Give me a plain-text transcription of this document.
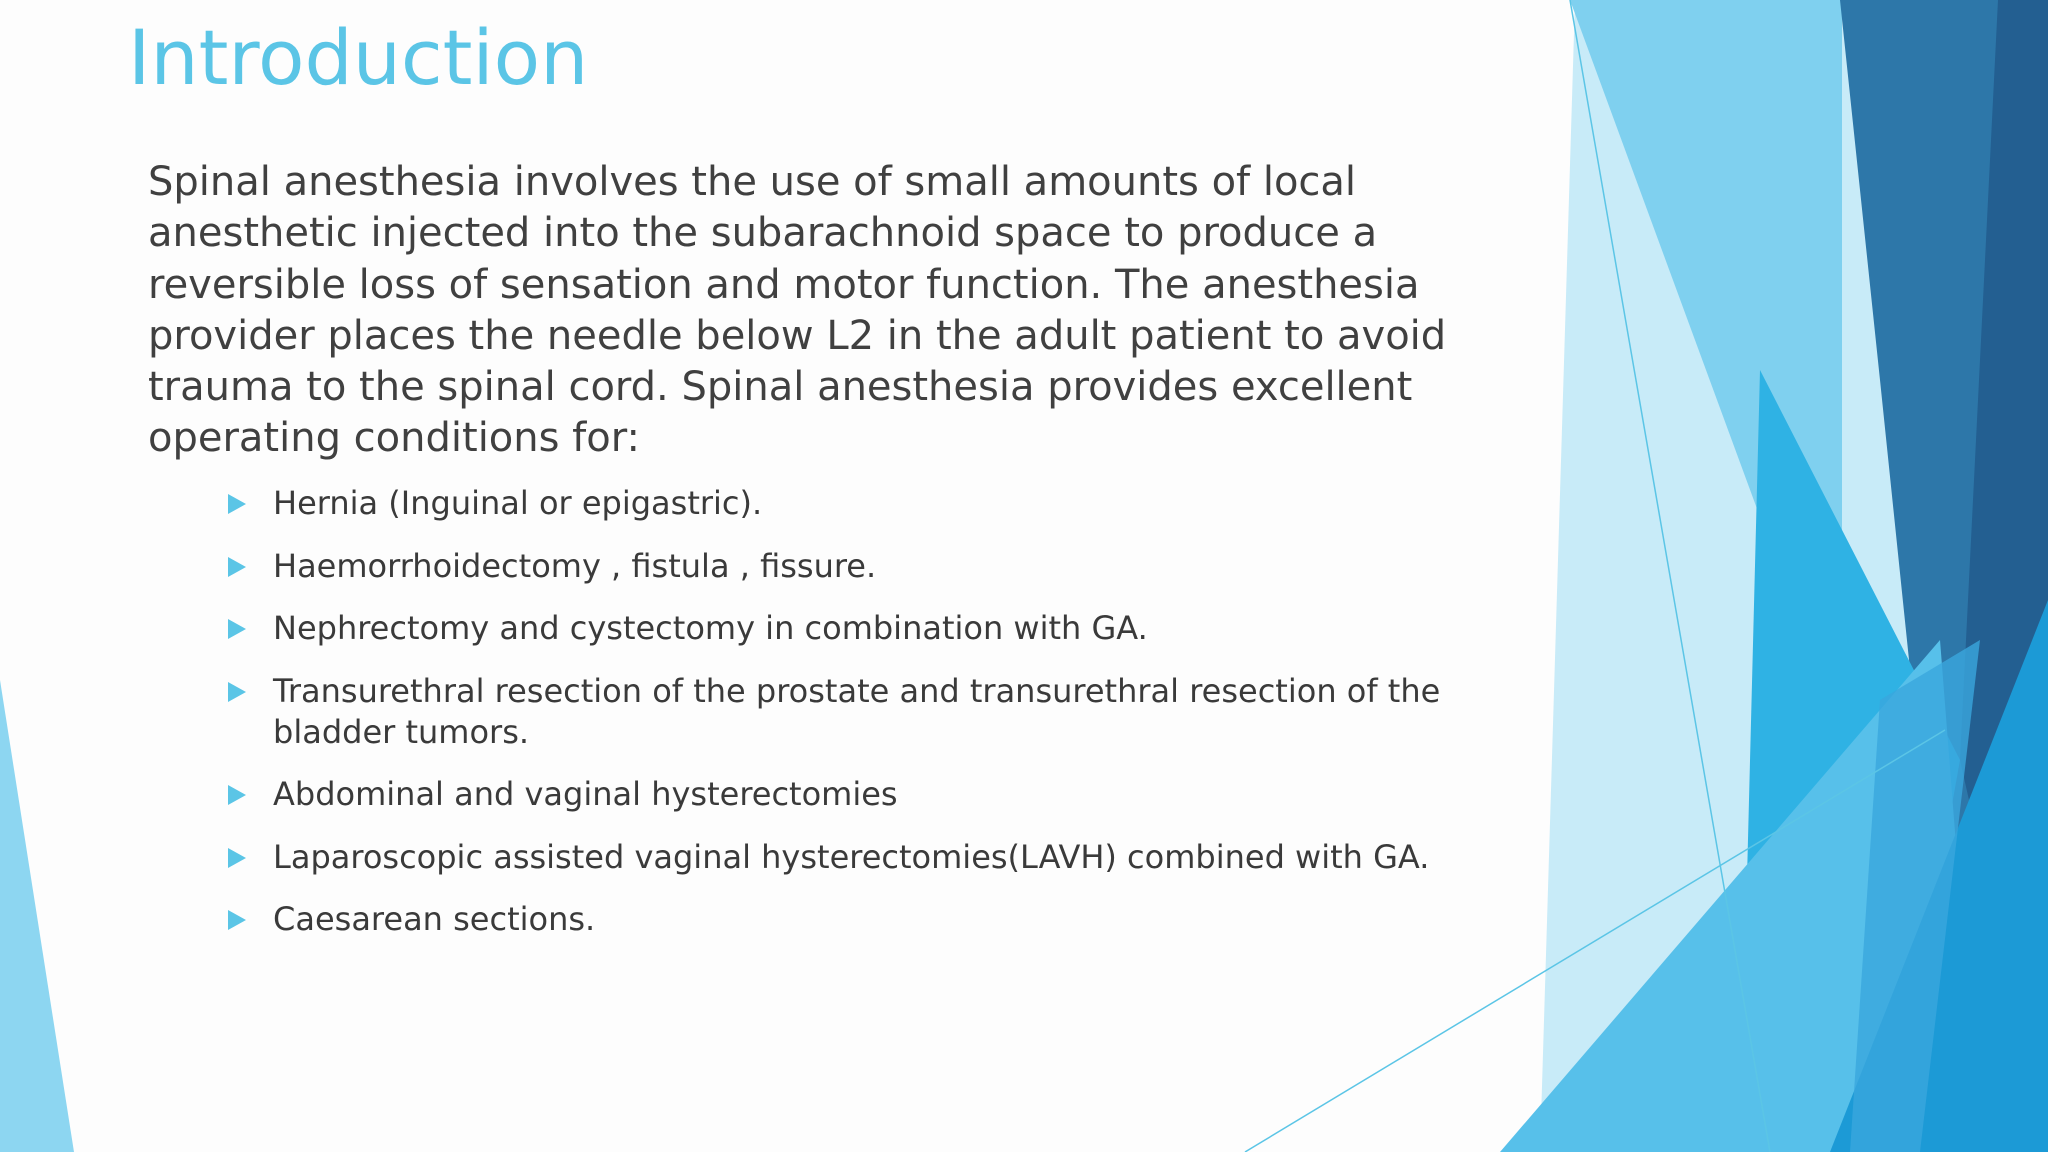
Introduction

Spinal anesthesia involves the use of small amounts of local anesthetic injected into the subarachnoid space to produce a reversible loss of sensation and motor function. The anesthesia provider places the needle below L2 in the adult patient to avoid trauma to the spinal cord. Spinal anesthesia provides excellent operating conditions for:

Hernia (Inguinal or epigastric).
Haemorrhoidectomy , fistula , fissure.
Nephrectomy and cystectomy in combination with GA.
Transurethral resection of the prostate and transurethral resection of the bladder tumors.
Abdominal and vaginal hysterectomies
Laparoscopic assisted vaginal hysterectomies(LAVH) combined with GA.
Caesarean sections.
